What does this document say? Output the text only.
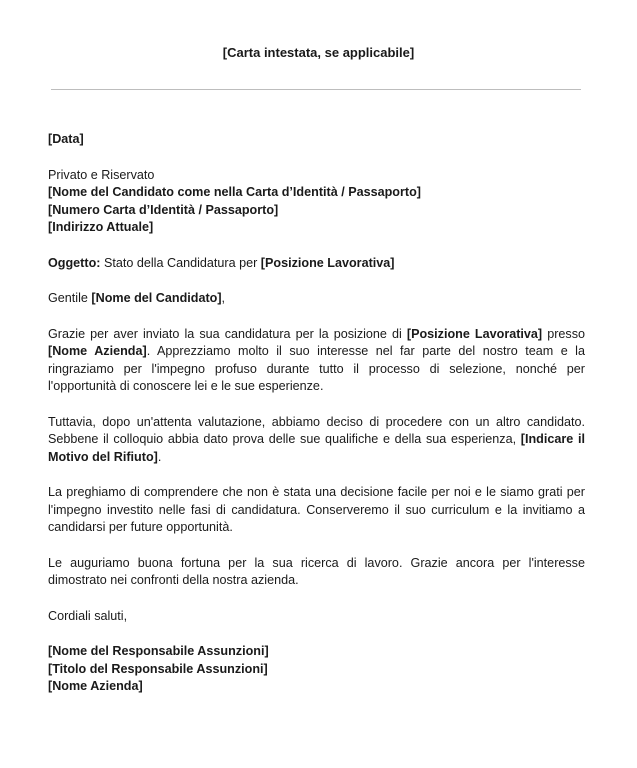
[Carta intestata, se applicabile]
[Data]
Privato e Riservato
[Nome del Candidato come nella Carta d’Identità / Passaporto]
[Numero Carta d’Identità / Passaporto]
[Indirizzo Attuale]
Oggetto: Stato della Candidatura per [Posizione Lavorativa]
Gentile [Nome del Candidato],
Grazie per aver inviato la sua candidatura per la posizione di [Posizione Lavorativa] presso [Nome Azienda]. Apprezziamo molto il suo interesse nel far parte del nostro team e la ringraziamo per l'impegno profuso durante tutto il processo di selezione, nonché per l'opportunità di conoscere lei e le sue esperienze.
Tuttavia, dopo un'attenta valutazione, abbiamo deciso di procedere con un altro candidato. Sebbene il colloquio abbia dato prova delle sue qualifiche e della sua esperienza, [Indicare il Motivo del Rifiuto].
La preghiamo di comprendere che non è stata una decisione facile per noi e le siamo grati per l'impegno investito nelle fasi di candidatura. Conserveremo il suo curriculum e la invitiamo a candidarsi per future opportunità.
Le auguriamo buona fortuna per la sua ricerca di lavoro. Grazie ancora per l'interesse dimostrato nei confronti della nostra azienda.
Cordiali saluti,
[Nome del Responsabile Assunzioni]
[Titolo del Responsabile Assunzioni]
[Nome Azienda]
